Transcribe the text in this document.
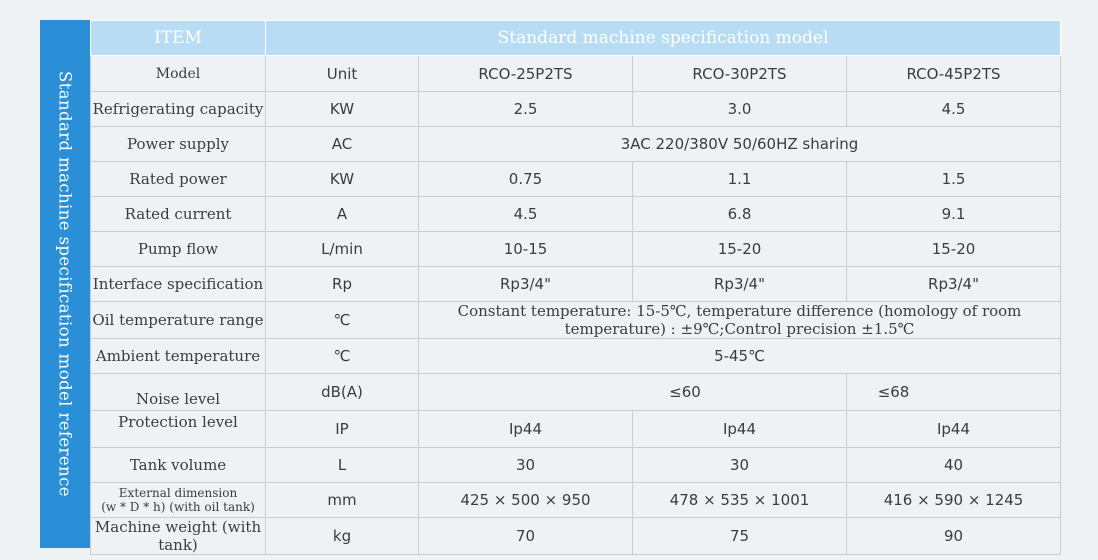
Standard machine specification model reference
ITEM	Standard machine specification model			
Model	Unit	RCO-25P2TS	RCO-30P2TS	RCO-45P2TS
Refrigerating capacity	KW	2.5	3.0	4.5
Power supply	AC	3AC 220/380V 50/60HZ sharing		
Rated power	KW	0.75	1.1	1.5
Rated current	A	4.5	6.8	9.1
Pump flow	L/min	10-15	15-20	15-20
Interface specification	Rp	Rp3/4"	Rp3/4"	Rp3/4"
Oil temperature range	℃	Constant temperature: 15-5℃, temperature difference (homology of room temperature) : ±9℃;Control precision ±1.5℃		
Ambient temperature	℃	5-45℃		
Noise level	dB(A)	≤60		≤68
Protection level	IP	Ip44	Ip44	Ip44
Tank volume	L	30	30	40

External dimension
(w * D * h) (with oil tank)	mm	425 × 500 × 950	478 × 535 × 1001	416 × 590 × 1245
Machine weight (with tank)	kg	70	75	90
